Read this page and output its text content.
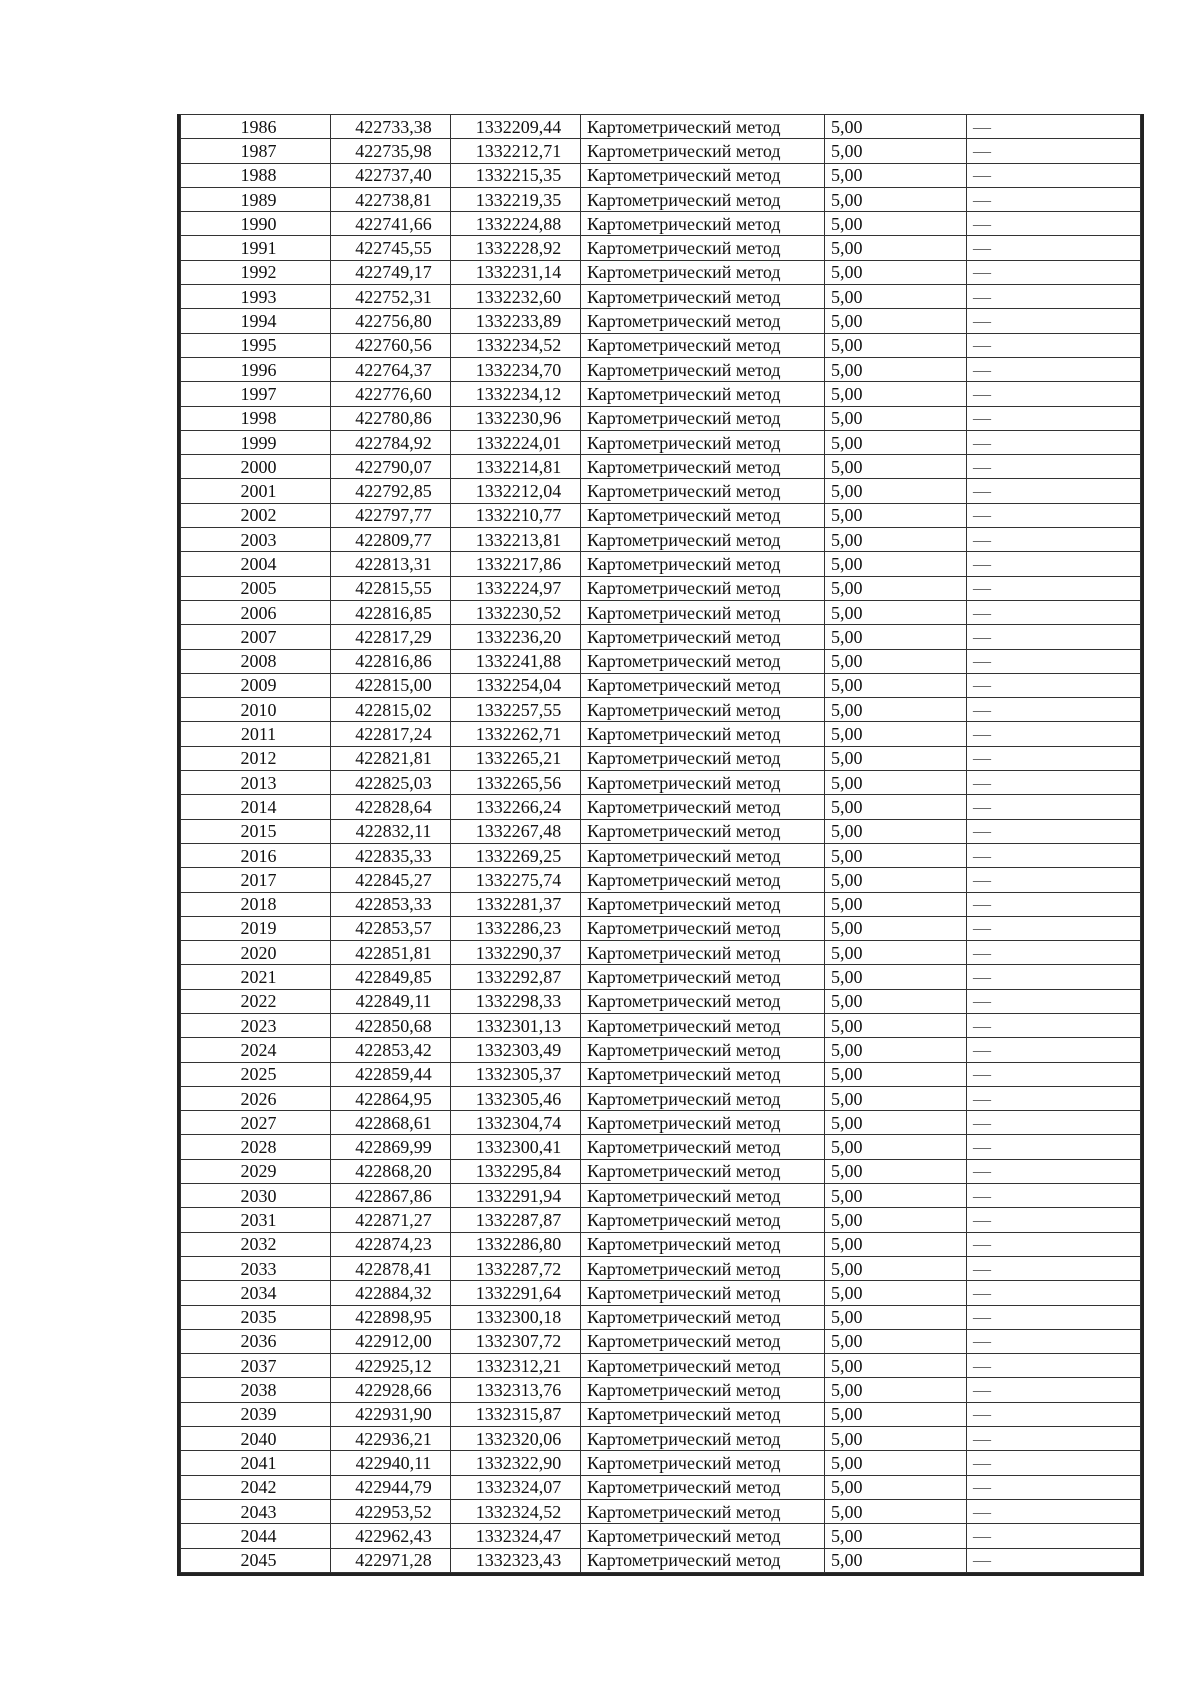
1986	422733,38	1332209,44	Картометрический метод	5,00	—
1987	422735,98	1332212,71	Картометрический метод	5,00	—
1988	422737,40	1332215,35	Картометрический метод	5,00	—
1989	422738,81	1332219,35	Картометрический метод	5,00	—
1990	422741,66	1332224,88	Картометрический метод	5,00	—
1991	422745,55	1332228,92	Картометрический метод	5,00	—
1992	422749,17	1332231,14	Картометрический метод	5,00	—
1993	422752,31	1332232,60	Картометрический метод	5,00	—
1994	422756,80	1332233,89	Картометрический метод	5,00	—
1995	422760,56	1332234,52	Картометрический метод	5,00	—
1996	422764,37	1332234,70	Картометрический метод	5,00	—
1997	422776,60	1332234,12	Картометрический метод	5,00	—
1998	422780,86	1332230,96	Картометрический метод	5,00	—
1999	422784,92	1332224,01	Картометрический метод	5,00	—
2000	422790,07	1332214,81	Картометрический метод	5,00	—
2001	422792,85	1332212,04	Картометрический метод	5,00	—
2002	422797,77	1332210,77	Картометрический метод	5,00	—
2003	422809,77	1332213,81	Картометрический метод	5,00	—
2004	422813,31	1332217,86	Картометрический метод	5,00	—
2005	422815,55	1332224,97	Картометрический метод	5,00	—
2006	422816,85	1332230,52	Картометрический метод	5,00	—
2007	422817,29	1332236,20	Картометрический метод	5,00	—
2008	422816,86	1332241,88	Картометрический метод	5,00	—
2009	422815,00	1332254,04	Картометрический метод	5,00	—
2010	422815,02	1332257,55	Картометрический метод	5,00	—
2011	422817,24	1332262,71	Картометрический метод	5,00	—
2012	422821,81	1332265,21	Картометрический метод	5,00	—
2013	422825,03	1332265,56	Картометрический метод	5,00	—
2014	422828,64	1332266,24	Картометрический метод	5,00	—
2015	422832,11	1332267,48	Картометрический метод	5,00	—
2016	422835,33	1332269,25	Картометрический метод	5,00	—
2017	422845,27	1332275,74	Картометрический метод	5,00	—
2018	422853,33	1332281,37	Картометрический метод	5,00	—
2019	422853,57	1332286,23	Картометрический метод	5,00	—
2020	422851,81	1332290,37	Картометрический метод	5,00	—
2021	422849,85	1332292,87	Картометрический метод	5,00	—
2022	422849,11	1332298,33	Картометрический метод	5,00	—
2023	422850,68	1332301,13	Картометрический метод	5,00	—
2024	422853,42	1332303,49	Картометрический метод	5,00	—
2025	422859,44	1332305,37	Картометрический метод	5,00	—
2026	422864,95	1332305,46	Картометрический метод	5,00	—
2027	422868,61	1332304,74	Картометрический метод	5,00	—
2028	422869,99	1332300,41	Картометрический метод	5,00	—
2029	422868,20	1332295,84	Картометрический метод	5,00	—
2030	422867,86	1332291,94	Картометрический метод	5,00	—
2031	422871,27	1332287,87	Картометрический метод	5,00	—
2032	422874,23	1332286,80	Картометрический метод	5,00	—
2033	422878,41	1332287,72	Картометрический метод	5,00	—
2034	422884,32	1332291,64	Картометрический метод	5,00	—
2035	422898,95	1332300,18	Картометрический метод	5,00	—
2036	422912,00	1332307,72	Картометрический метод	5,00	—
2037	422925,12	1332312,21	Картометрический метод	5,00	—
2038	422928,66	1332313,76	Картометрический метод	5,00	—
2039	422931,90	1332315,87	Картометрический метод	5,00	—
2040	422936,21	1332320,06	Картометрический метод	5,00	—
2041	422940,11	1332322,90	Картометрический метод	5,00	—
2042	422944,79	1332324,07	Картометрический метод	5,00	—
2043	422953,52	1332324,52	Картометрический метод	5,00	—
2044	422962,43	1332324,47	Картометрический метод	5,00	—
2045	422971,28	1332323,43	Картометрический метод	5,00	—
